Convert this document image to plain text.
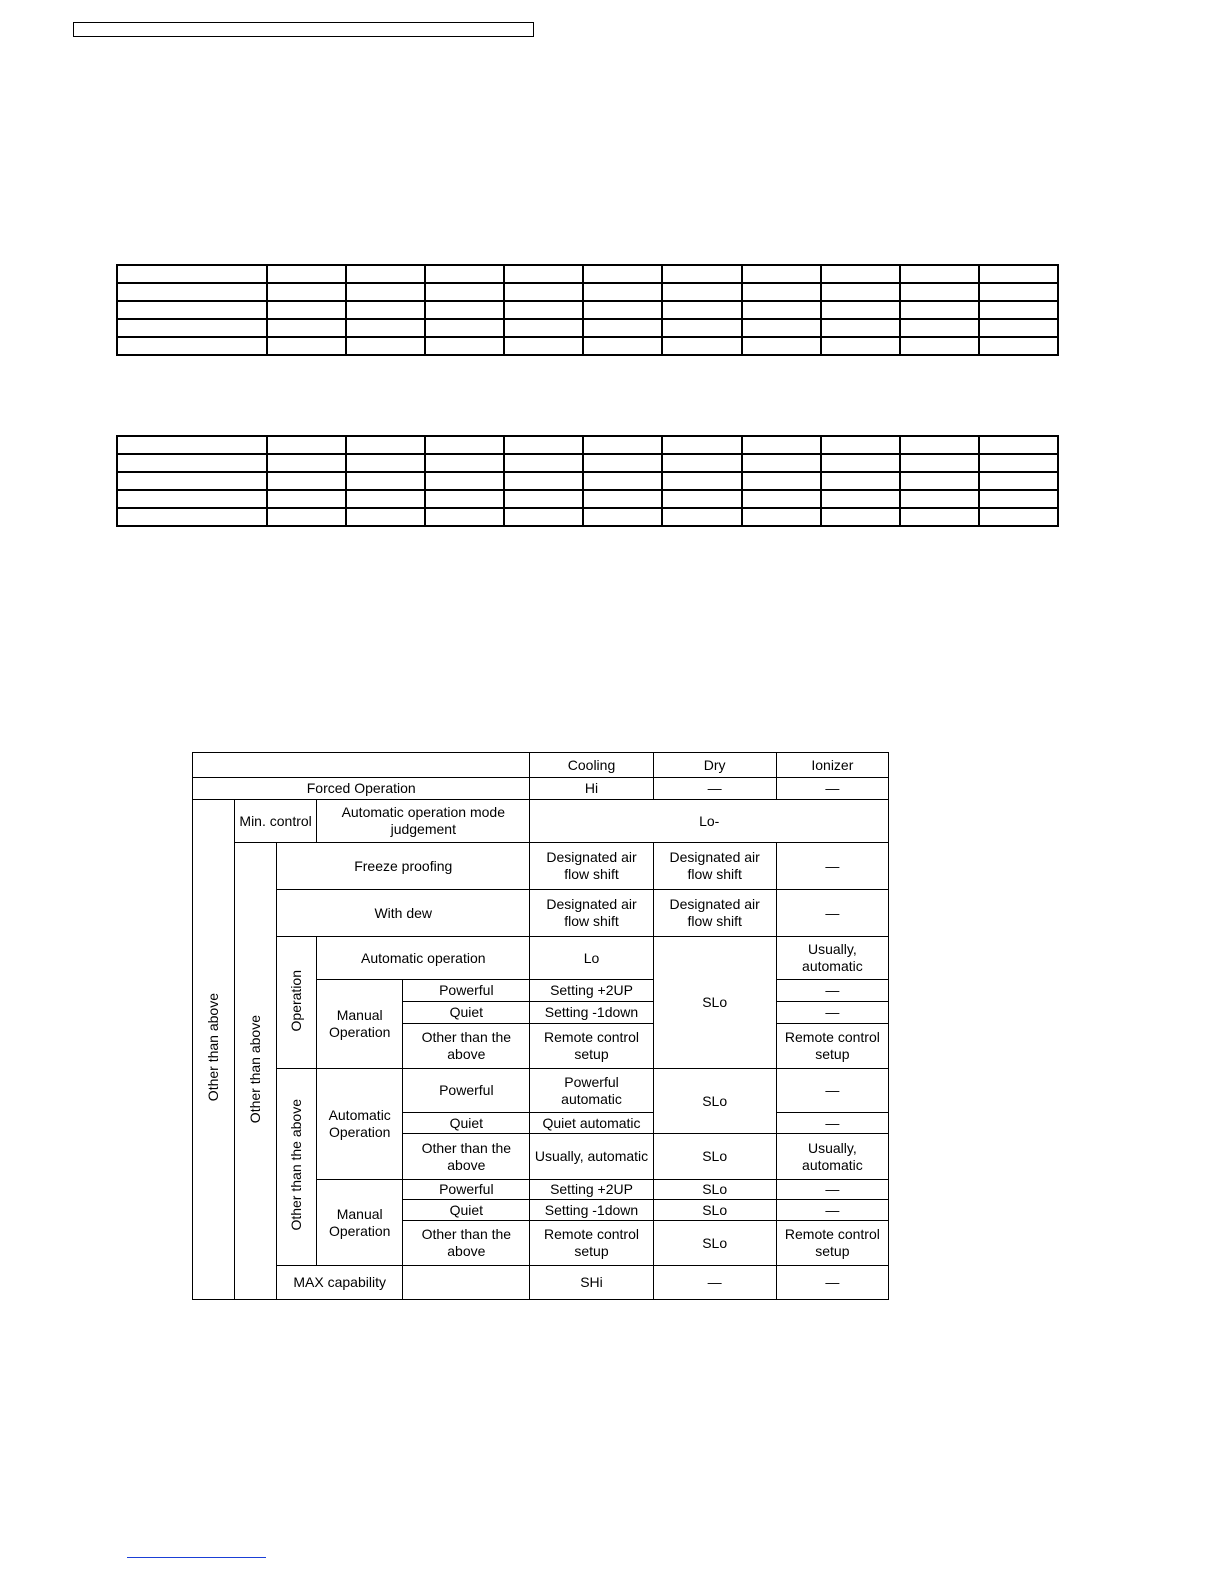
					Cooling	Dry	Ionizer
Forced Operation					Hi	—	—
Other than above	Min. control		Automatic operation mode judgement		Lo-		
	Other than above	Freeze proofing			Designated air flow shift	Designated air flow shift	—
		With dew			Designated air flow shift	Designated air flow shift	—
		Operation	Automatic operation		Lo	SLo	Usually, automatic
			Manual Operation	Powerful	Setting +2UP		—
				Quiet	Setting -1down		—
				Other than the above	Remote control setup		Remote control setup
		Other than the above	Automatic Operation	Powerful	Powerful automatic	SLo	—
				Quiet	Quiet automatic		—
				Other than the above	Usually, automatic	SLo	Usually, automatic
			Manual Operation	Powerful	Setting +2UP	SLo	—
				Quiet	Setting -1down	SLo	—
				Other than the above	Remote control setup	SLo	Remote control setup
		MAX capability			SHi	—	—
